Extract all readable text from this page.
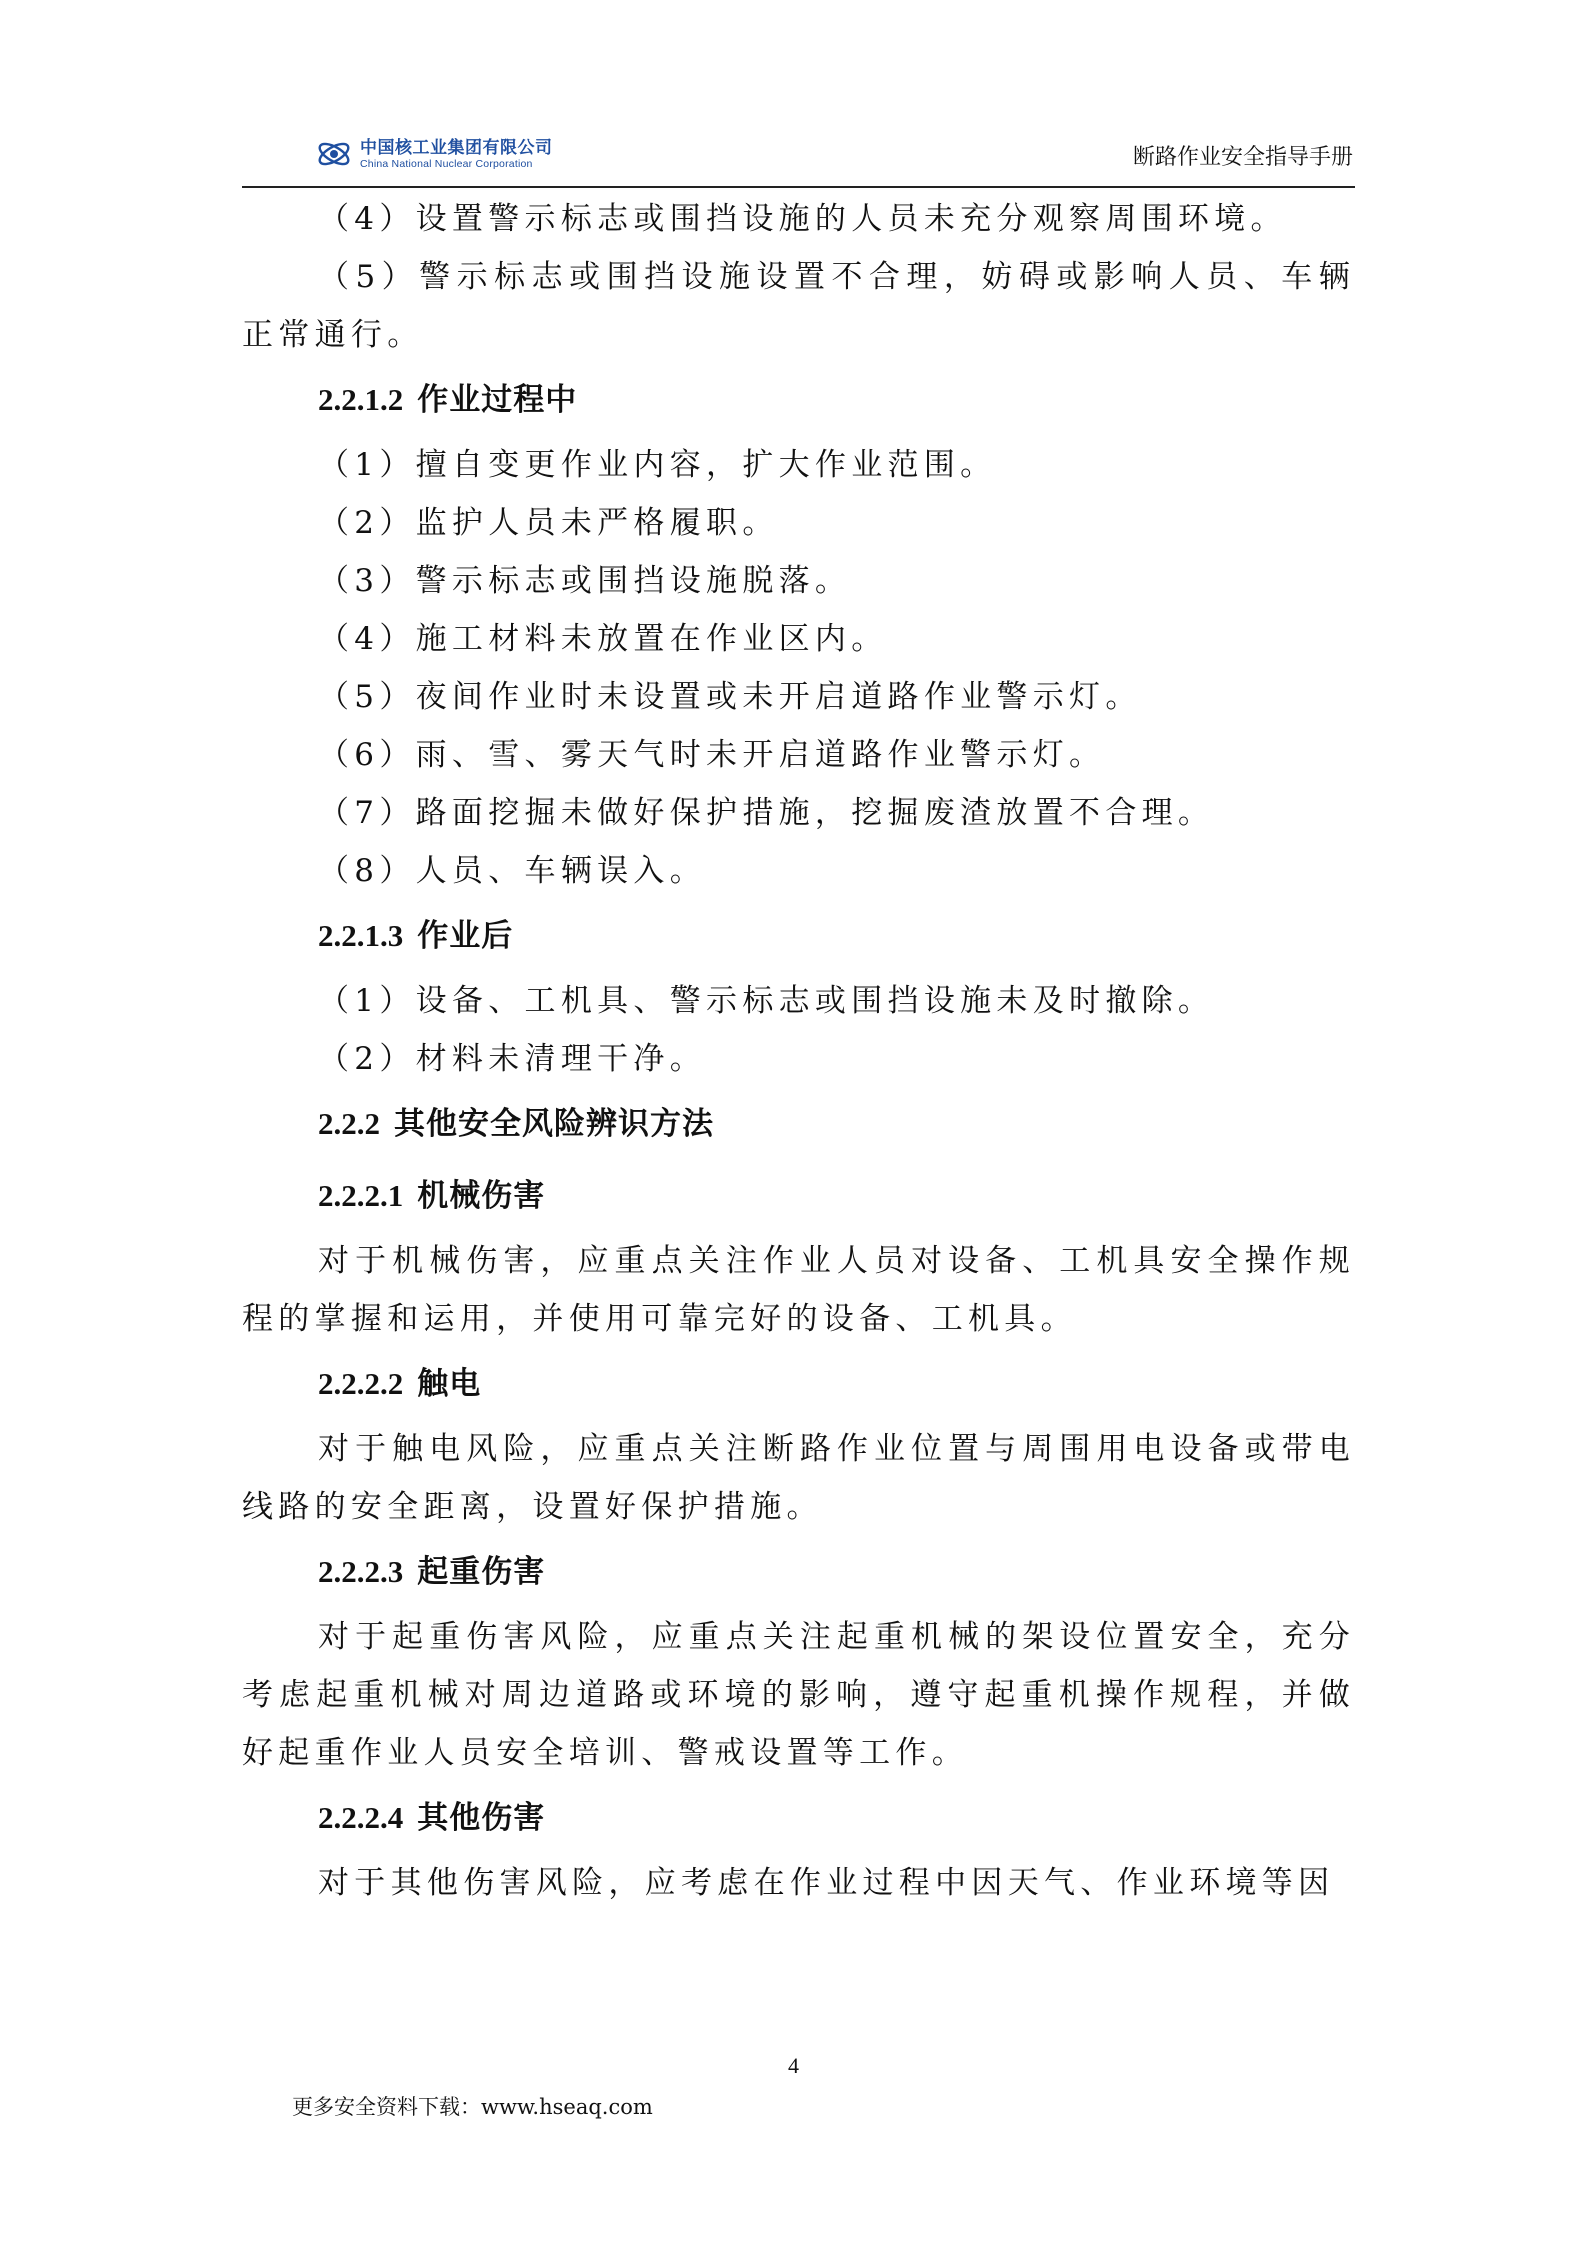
中国核工业集团有限公司
China National Nuclear Corporation	断路作业安全指导手册

（4）设置警示标志或围挡设施的人员未充分观察周围环境。

（5）警示标志或围挡设施设置不合理，妨碍或影响人员、车辆正常通行。

2.2.1.2 作业过程中

（1）擅自变更作业内容，扩大作业范围。

（2）监护人员未严格履职。

（3）警示标志或围挡设施脱落。

（4）施工材料未放置在作业区内。

（5）夜间作业时未设置或未开启道路作业警示灯。

（6）雨、雪、雾天气时未开启道路作业警示灯。

（7）路面挖掘未做好保护措施，挖掘废渣放置不合理。

（8）人员、车辆误入。

2.2.1.3 作业后

（1）设备、工机具、警示标志或围挡设施未及时撤除。

（2）材料未清理干净。

2.2.2 其他安全风险辨识方法
2.2.2.1 机械伤害

对于机械伤害，应重点关注作业人员对设备、工机具安全操作规程的掌握和运用，并使用可靠完好的设备、工机具。

2.2.2.2 触电

对于触电风险，应重点关注断路作业位置与周围用电设备或带电线路的安全距离，设置好保护措施。

2.2.2.3 起重伤害

对于起重伤害风险，应重点关注起重机械的架设位置安全，充分考虑起重机械对周边道路或环境的影响，遵守起重机操作规程，并做好起重作业人员安全培训、警戒设置等工作。

2.2.2.4 其他伤害

对于其他伤害风险，应考虑在作业过程中因天气、作业环境等因

4
更多安全资料下载：www.hseaq.com
